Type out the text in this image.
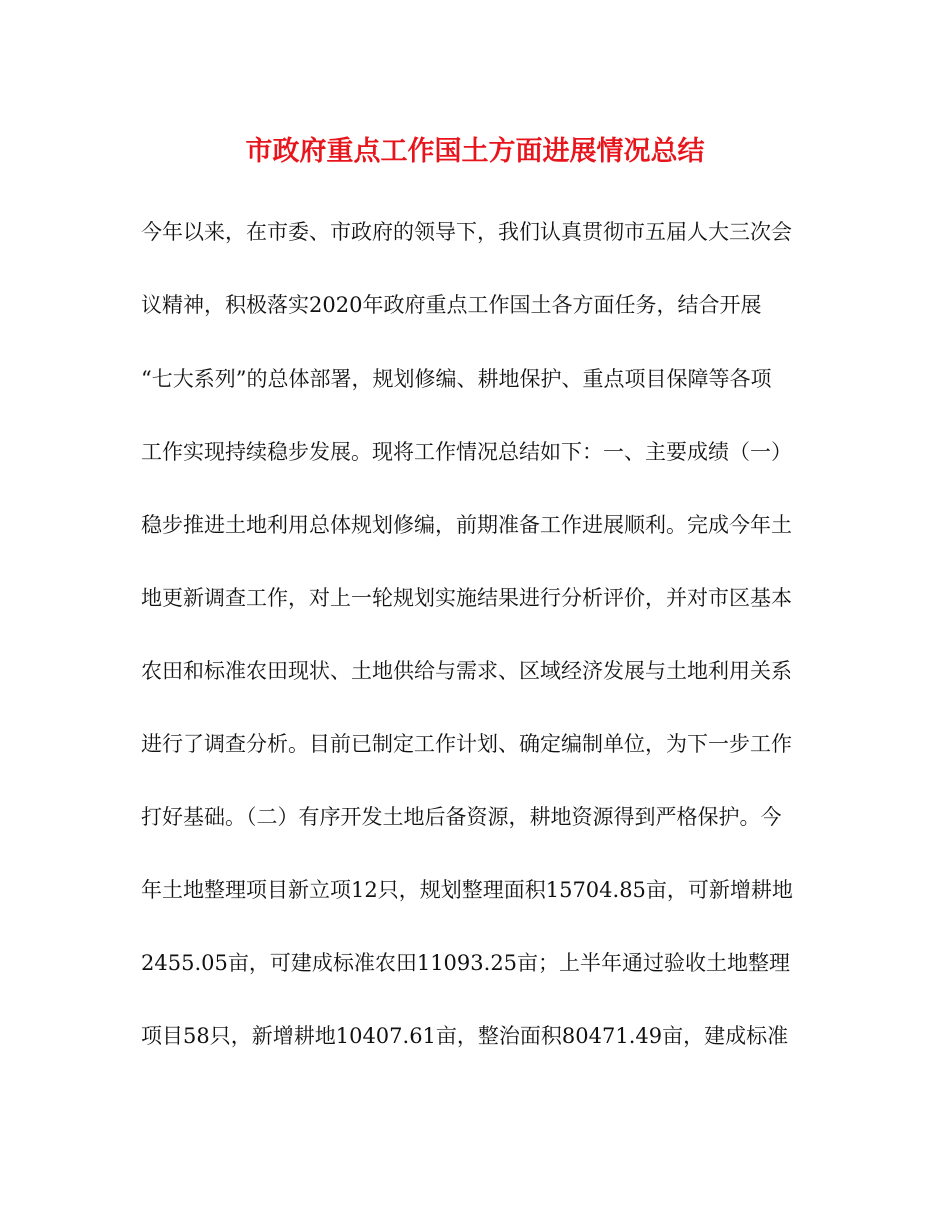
市政府重点工作国土方面进展情况总结
今年以来，在市委、市政府的领导下，我们认真贯彻市五届人大三次会
议精神，积极落实2020年政府重点工作国土各方面任务，结合开展
“七大系列”的总体部署，规划修编、耕地保护、重点项目保障等各项
工作实现持续稳步发展。现将工作情况总结如下：一、主要成绩（一）
稳步推进土地利用总体规划修编，前期准备工作进展顺利。完成今年土
地更新调查工作，对上一轮规划实施结果进行分析评价，并对市区基本
农田和标准农田现状、土地供给与需求、区域经济发展与土地利用关系
进行了调查分析。目前已制定工作计划、确定编制单位，为下一步工作
打好基础。（二）有序开发土地后备资源，耕地资源得到严格保护。今
年土地整理项目新立项12只，规划整理面积15704.85亩，可新增耕地
2455.05亩，可建成标准农田11093.25亩；上半年通过验收土地整理
项目58只，新增耕地10407.61亩，整治面积80471.49亩，建成标准
